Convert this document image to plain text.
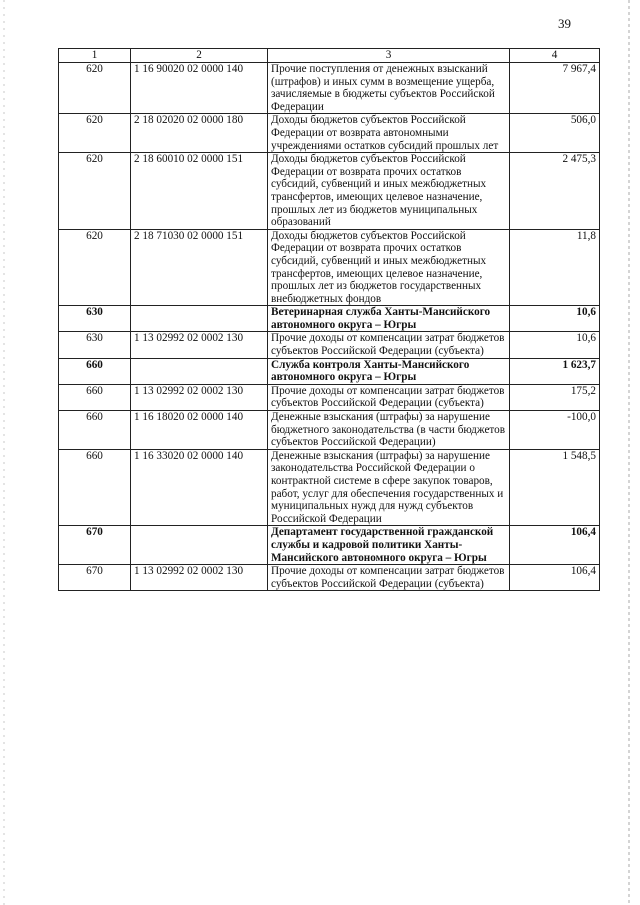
39
1	2	3	4
620	1 16 90020 02 0000 140	Прочие поступления от денежных взысканий (штрафов) и иных сумм в возмещение ущерба, зачисляемые в бюджеты субъектов Российской Федерации	7 967,4
620	2 18 02020 02 0000 180	Доходы бюджетов субъектов Российской Федерации от возврата автономными учреждениями остатков субсидий прошлых лет	506,0
620	2 18 60010 02 0000 151	Доходы бюджетов субъектов Российской Федерации от возврата прочих остатков субсидий, субвенций и иных межбюджетных трансфертов, имеющих целевое назначение, прошлых лет из бюджетов муниципальных образований	2 475,3
620	2 18 71030 02 0000 151	Доходы бюджетов субъектов Российской Федерации от возврата прочих остатков субсидий, субвенций и иных межбюджетных трансфертов, имеющих целевое назначение, прошлых лет из бюджетов государственных внебюджетных фондов	11,8
630		Ветеринарная служба Ханты-Мансийского автономного округа – Югры	10,6
630	1 13 02992 02 0002 130	Прочие доходы от компенсации затрат бюджетов субъектов Российской Федерации (субъекта)	10,6
660		Служба контроля Ханты-Мансийского автономного округа – Югры	1 623,7
660	1 13 02992 02 0002 130	Прочие доходы от компенсации затрат бюджетов субъектов Российской Федерации (субъекта)	175,2
660	1 16 18020 02 0000 140	Денежные взыскания (штрафы) за нарушение бюджетного законодательства (в части бюджетов субъектов Российской Федерации)	-100,0
660	1 16 33020 02 0000 140	Денежные взыскания (штрафы) за нарушение законодательства Российской Федерации о контрактной системе в сфере закупок товаров, работ, услуг для обеспечения государственных и муниципальных нужд для нужд субъектов Российской Федерации	1 548,5
670		Департамент государственной гражданской службы и кадровой политики Ханты-Мансийского автономного округа – Югры	106,4
670	1 13 02992 02 0002 130	Прочие доходы от компенсации затрат бюджетов субъектов Российской Федерации (субъекта)	106,4
